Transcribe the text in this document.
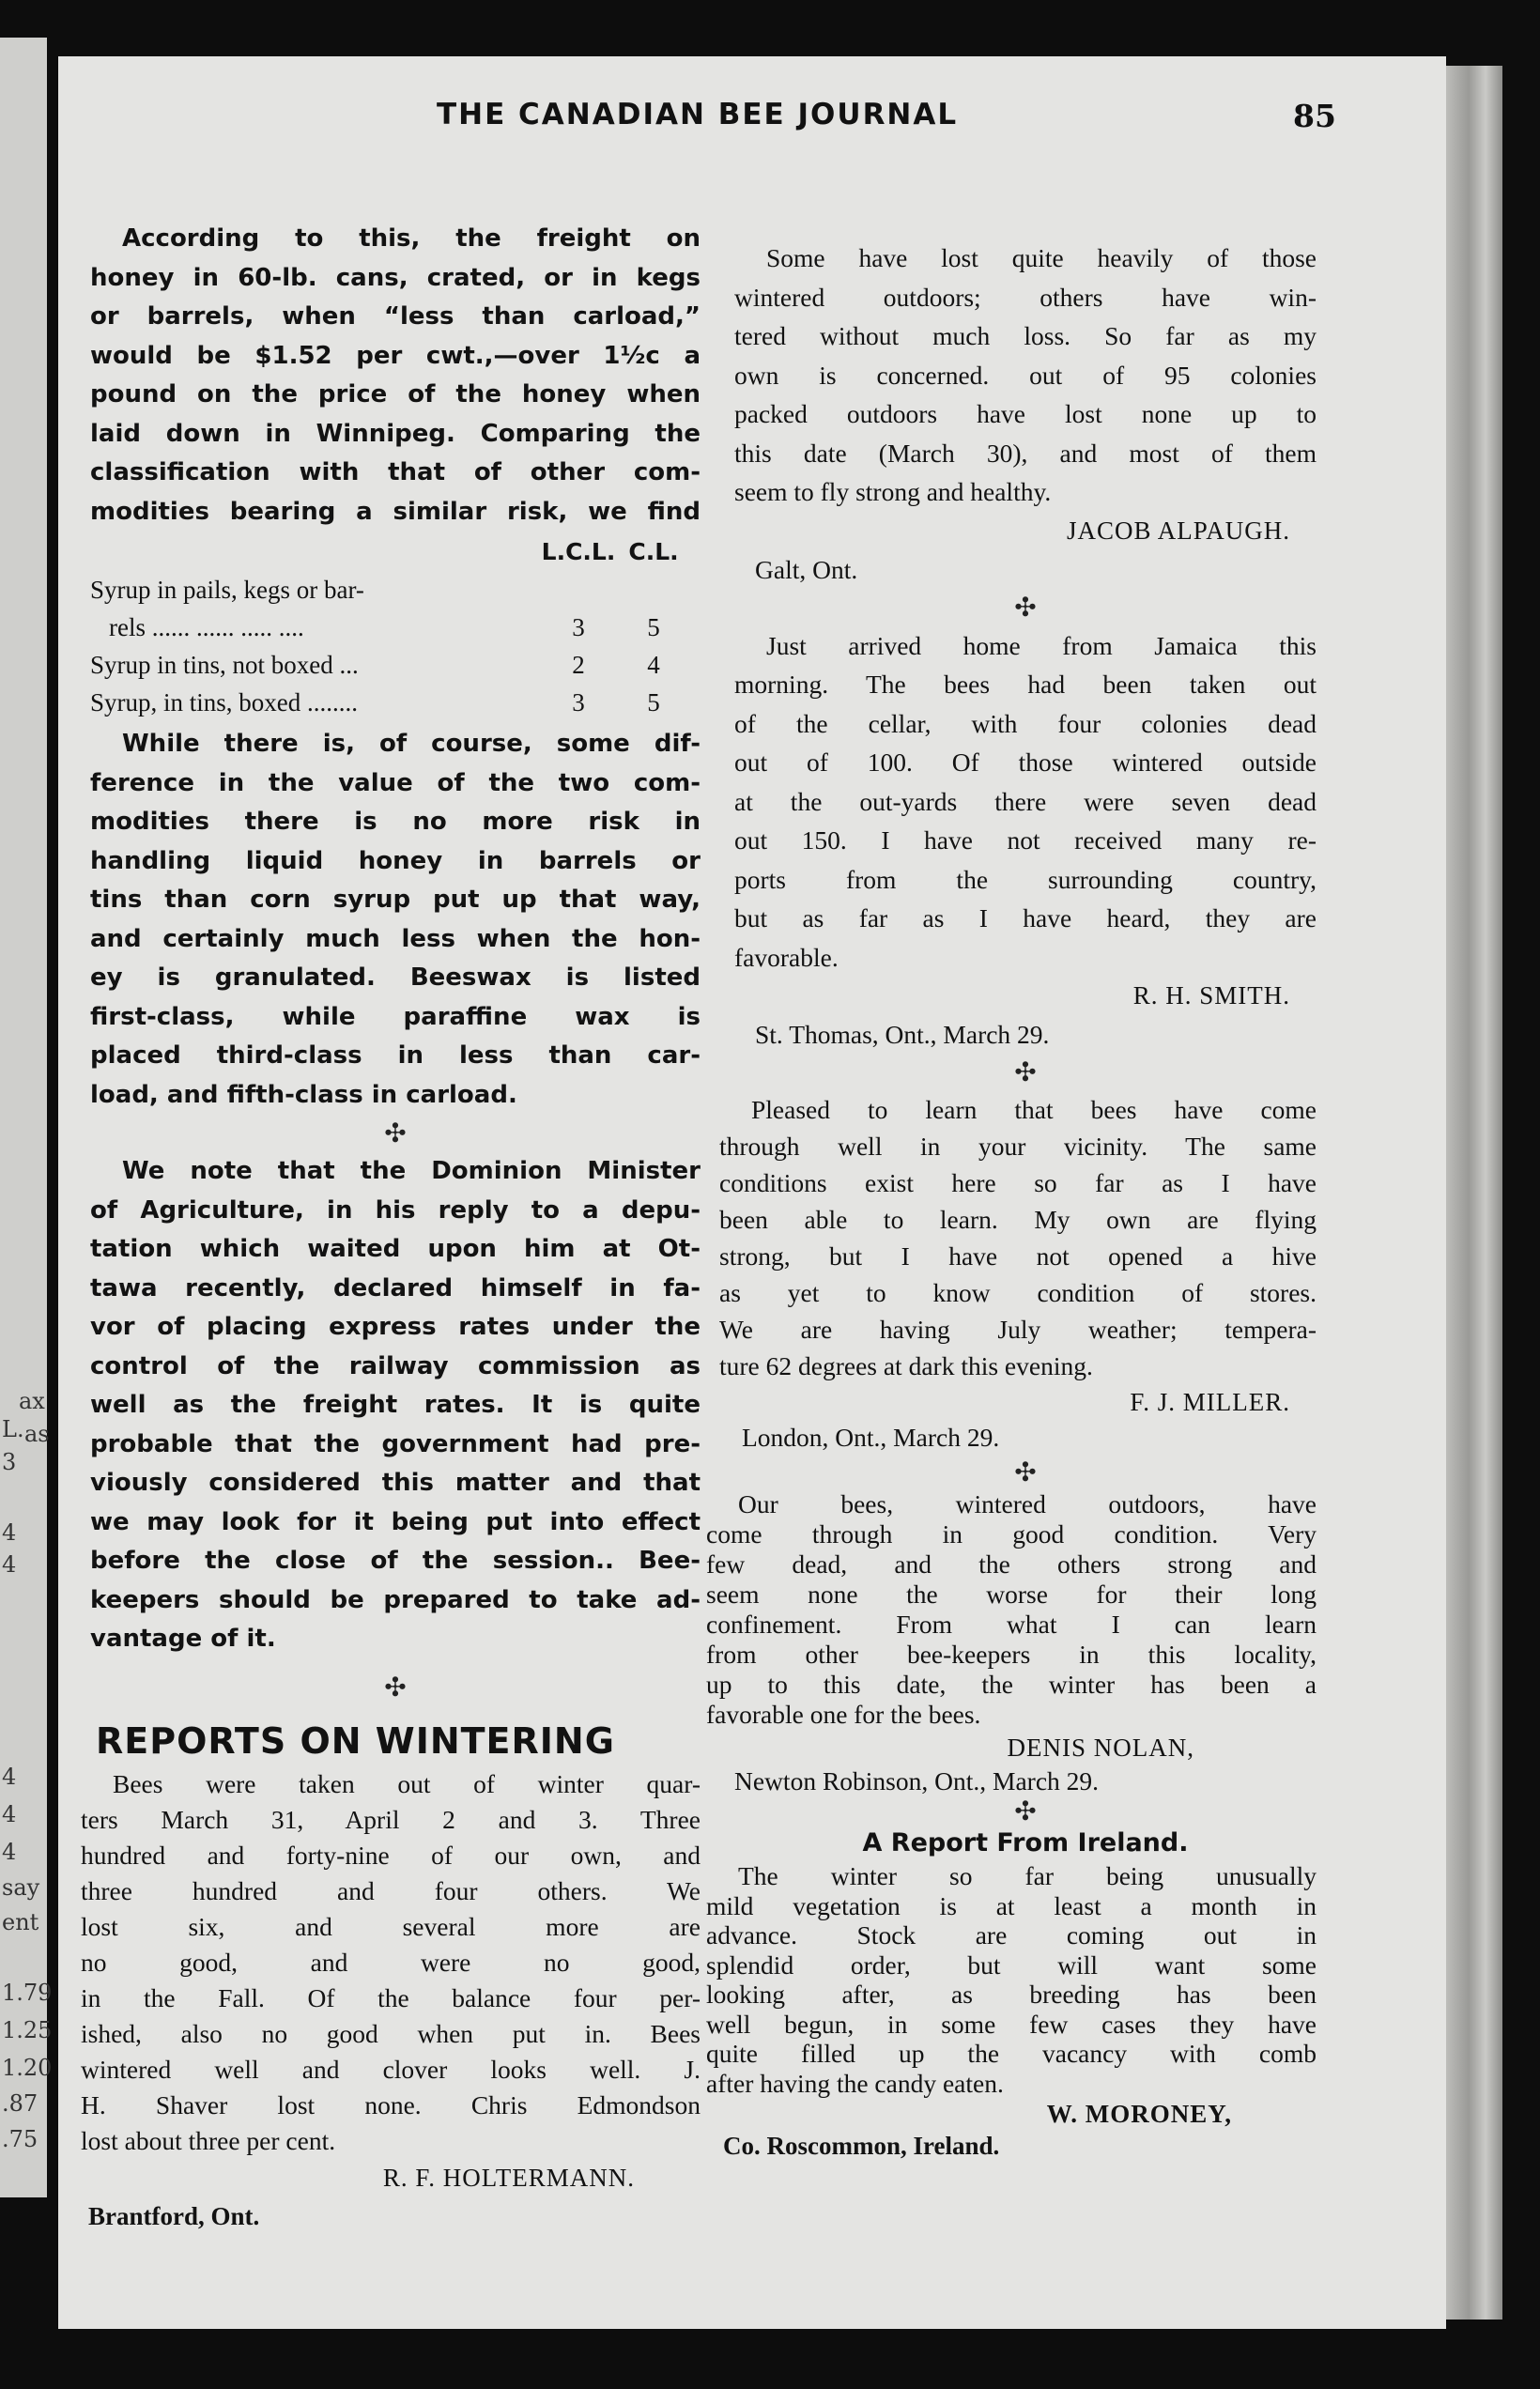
L.
3
as
ax
4
4
4
4
4
say
ent
1.79
1.25
1.20
.87
.75
THE CANADIAN BEE JOURNAL	85
According to this, the freight on
honey in 60-lb. cans, crated, or in kegs
or barrels, when “less than carload,”
would be $1.52 per cwt.,—over 1½c a
pound on the price of the honey when
laid down in Winnipeg. Comparing the
classification with that of other com-
modities bearing a similar risk, we find
	L.C.L.	C.L.
Syrup in pails, kegs or bar-		
rels ...... ...... ..... ....	3	5
Syrup in tins, not boxed ...	2	4
Syrup, in tins, boxed ........	3	5
While there is, of course, some dif-
ference in the value of the two com-
modities there is no more risk in
handling liquid honey in barrels or
tins than corn syrup put up that way,
and certainly much less when the hon-
ey is granulated. Beeswax is listed
first-class, while paraffine wax is
placed third-class in less than car-
load, and fifth-class in carload.
✣
We note that the Dominion Minister
of Agriculture, in his reply to a depu-
tation which waited upon him at Ot-
tawa recently, declared himself in fa-
vor of placing express rates under the
control of the railway commission as
well as the freight rates. It is quite
probable that the government had pre-
viously considered this matter and that
we may look for it being put into effect
before the close of the session.. Bee-
keepers should be prepared to take ad-
vantage of it.
✣
REPORTS ON WINTERING
Bees were taken out of winter quar-
ters March 31, April 2 and 3. Three
hundred and forty-nine of our own, and
three hundred and four others. We
lost six, and several more are
no good, and were no good,
in the Fall. Of the balance four per-
ished, also no good when put in. Bees
wintered well and clover looks well. J.
H. Shaver lost none. Chris Edmondson
lost about three per cent.
R. F. HOLTERMANN.
Brantford, Ont.
Some have lost quite heavily of those
wintered outdoors; others have win-
tered without much loss. So far as my
own is concerned. out of 95 colonies
packed outdoors have lost none up to
this date (March 30), and most of them
seem to fly strong and healthy.
JACOB ALPAUGH.
Galt, Ont.
✣
Just arrived home from Jamaica this
morning. The bees had been taken out
of the cellar, with four colonies dead
out of 100. Of those wintered outside
at the out-yards there were seven dead
out 150. I have not received many re-
ports from the surrounding country,
but as far as I have heard, they are
favorable.
R. H. SMITH.
St. Thomas, Ont., March 29.
✣
Pleased to learn that bees have come
through well in your vicinity. The same
conditions exist here so far as I have
been able to learn. My own are flying
strong, but I have not opened a hive
as yet to know condition of stores.
We are having July weather; tempera-
ture 62 degrees at dark this evening.
F. J. MILLER.
London, Ont., March 29.
✣
Our bees, wintered outdoors, have
come through in good condition. Very
few dead, and the others strong and
seem none the worse for their long
confinement. From what I can learn
from other bee-keepers in this locality,
up to this date, the winter has been a
favorable one for the bees.
DENIS NOLAN,
Newton Robinson, Ont., March 29.
✣
A Report From Ireland.
The winter so far being unusually
mild vegetation is at least a month in
advance. Stock are coming out in
splendid order, but will want some
looking after, as breeding has been
well begun, in some few cases they have
quite filled up the vacancy with comb
after having the candy eaten.
W. MORONEY,
Co. Roscommon, Ireland.
